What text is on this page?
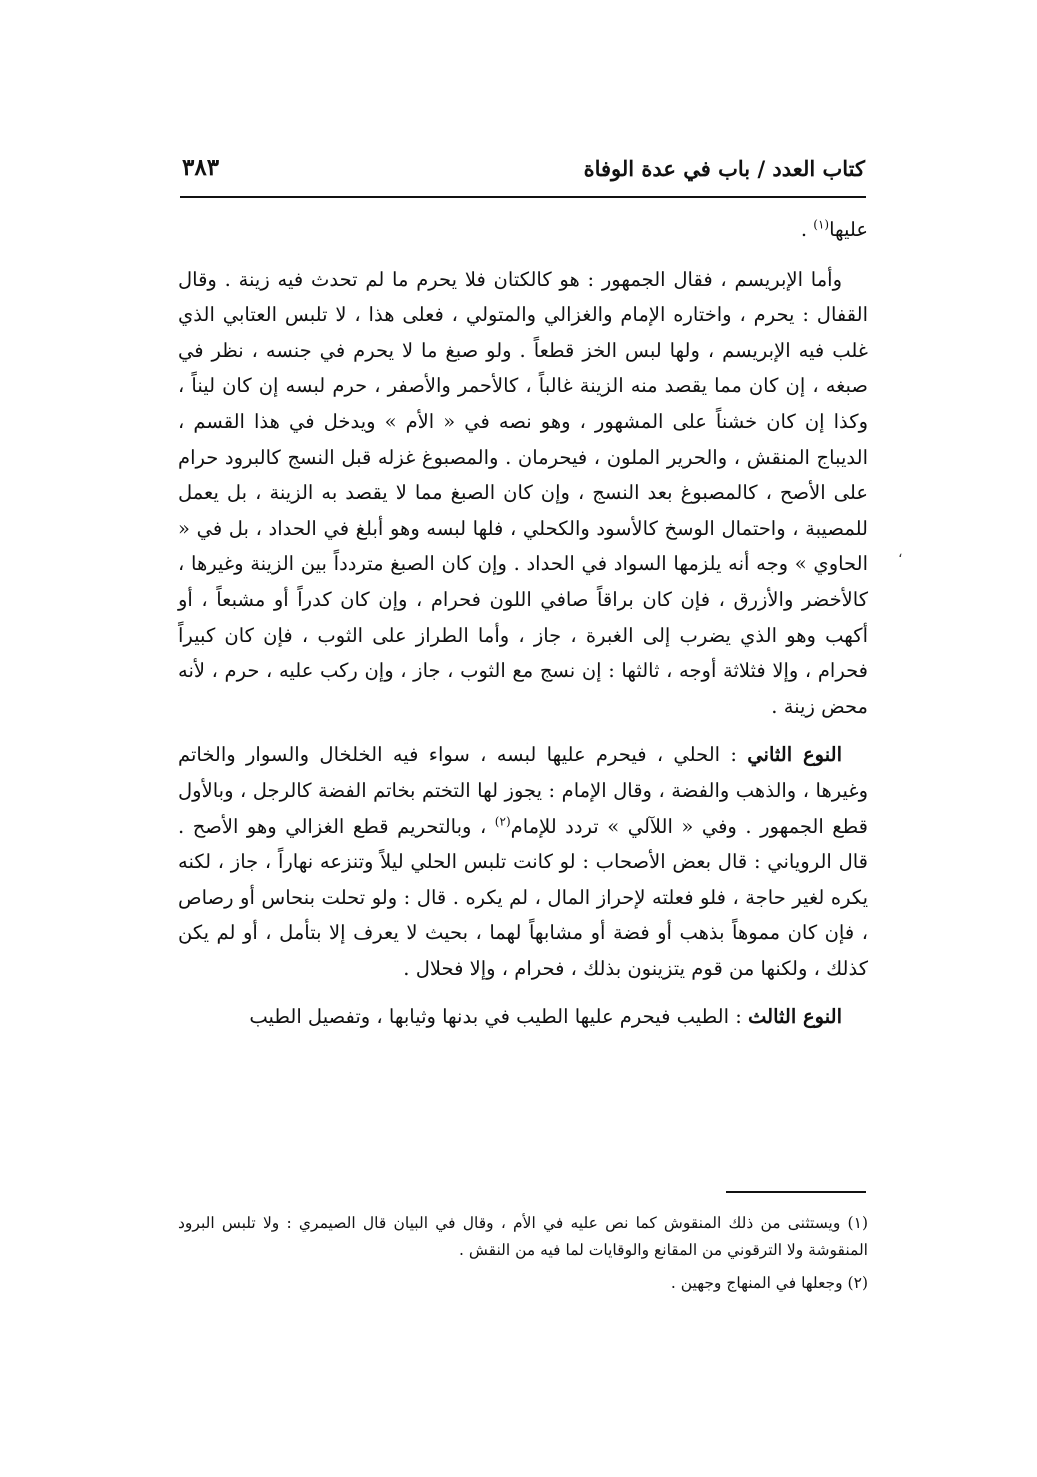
كتاب العدد / باب في عدة الوفاة
٣٨٣
،

عليها$^{(١)}$ .

وأما الإبريسم ، فقال الجمهور : هو كالكتان فلا يحرم ما لم تحدث فيه زينة . وقال القفال : يحرم ، واختاره الإمام والغزالي والمتولي ، فعلى هذا ، لا تلبس العتابي الذي غلب فيه الإبريسم ، ولها لبس الخز قطعاً . ولو صبغ ما لا يحرم في جنسه ، نظر في صبغه ، إن كان مما يقصد منه الزينة غالباً ، كالأحمر والأصفر ، حرم لبسه إن كان ليناً ، وكذا إن كان خشناً على المشهور ، وهو نصه في « الأم » ويدخل في هذا القسم ، الديباج المنقش ، والحرير الملون ، فيحرمان . والمصبوغ غزله قبل النسج كالبرود حرام على الأصح ، كالمصبوغ بعد النسج ، وإن كان الصبغ مما لا يقصد به الزينة ، بل يعمل للمصيبة ، واحتمال الوسخ كالأسود والكحلي ، فلها لبسه وهو أبلغ في الحداد ، بل في « الحاوي » وجه أنه يلزمها السواد في الحداد . وإن كان الصبغ متردداً بين الزينة وغيرها ، كالأخضر والأزرق ، فإن كان براقاً صافي اللون فحرام ، وإن كان كدراً أو مشبعاً ، أو أكهب وهو الذي يضرب إلى الغبرة ، جاز ، وأما الطراز على الثوب ، فإن كان كبيراً فحرام ، وإلا فثلاثة أوجه ، ثالثها : إن نسج مع الثوب ، جاز ، وإن ركب عليه ، حرم ، لأنه محض زينة .

النوع الثاني : الحلي ، فيحرم عليها لبسه ، سواء فيه الخلخال والسوار والخاتم وغيرها ، والذهب والفضة ، وقال الإمام : يجوز لها التختم بخاتم الفضة كالرجل ، وبالأول قطع الجمهور . وفي « اللآلي » تردد للإمام$^{(٢)}$ ، وبالتحريم قطع الغزالي وهو الأصح . قال الروياني : قال بعض الأصحاب : لو كانت تلبس الحلي ليلاً وتنزعه نهاراً ، جاز ، لكنه يكره لغير حاجة ، فلو فعلته لإحراز المال ، لم يكره . قال : ولو تحلت بنحاس أو رصاص ، فإن كان مموهاً بذهب أو فضة أو مشابهاً لهما ، بحيث لا يعرف إلا بتأمل ، أو لم يكن كذلك ، ولكنها من قوم يتزينون بذلك ، فحرام ، وإلا فحلال .

النوع الثالث : الطيب فيحرم عليها الطيب في بدنها وثيابها ، وتفصيل الطيب

(١) ويستثنى من ذلك المنقوش كما نص عليه في الأم ، وقال في البيان قال الصيمري : ولا تلبس البرود المنقوشة ولا الترقوني من المقانع والوقايات لما فيه من النقش .

(٢) وجعلها في المنهاج وجهين .
